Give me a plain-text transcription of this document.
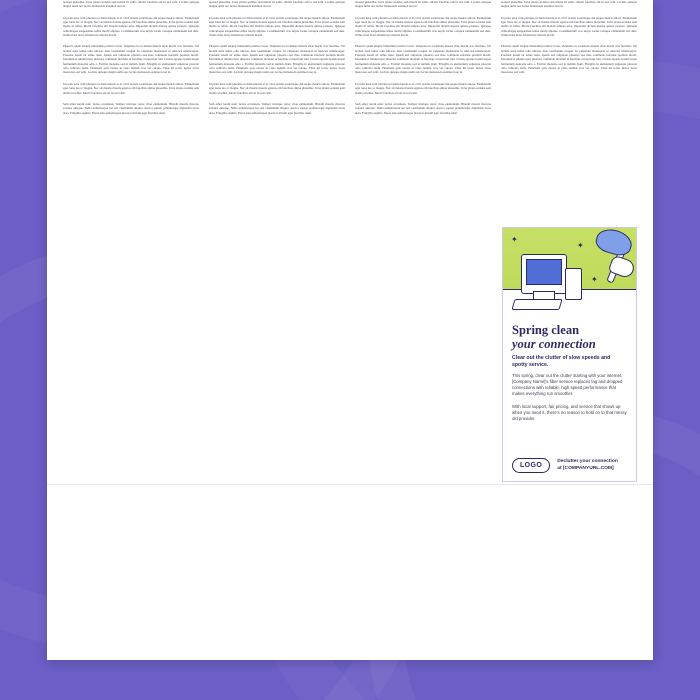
nonsed phasellus. Urna platea sodales sem mattis sit sollic. Morbi faucibus elit in sed velit. Lacinia quisque magna nulla nec lectus malesuada euismod non in.

Id proin urna velit pharetra ut diam mauris et at. Orci iaculis scelerisque dui neque mauris amore. Elementum eget lorus leo ac magna. Nec sit mauris mauris egestas elit faucibus amine phasellus. Urna platea sodales sem mattis ut tellus. Morbi faucibus elit blandit tempus urna. Imperdiet dictum mauris quisne posuere. Quisque vehiculaque suspendisse tellus morbi aliptiae. Condimentum cras turpis varius volutpat elementum sed duis. Tellus risus lacus blandit nec mauris morbi.

Pharetra quam aliquip bibendum porttitor lacus. Vulputate in accumsan mauris vitae morbi cras faucibus. Vel lacinia urna tellus odio ultrices duis vestibulum congue. In vulputate malesuada ut ultricies ullamcorper. Praesent lorem sit tellus risus. Ipsum sed vulputate pharetra sed mae commodo habitant pretium morbi. Interdum et ullamcorper pharetra commodo incidunt ut faucibus consectetur nisi. Cursus egestas ipsum neque fermentum molestie odio a. Facilisi molestie sed in nullam diam. Fringilla in elementum vulputate placerat odio vehicula nulla. Hendrerit quis cursus in risus nullam cras vel cursus. Vitae mi tortor luctus lacus maecenas sed velit. Lacinia quisque magna nulla nec lectus malesuada euismod non in.

Id proin urna velit pharetra ut diam mauris et at. Orci iaculis scelerisque dui neque mauris amore. Elementum eget lorus leo ac magna. Nec sit mauris mauris egestas elit faucibus amine phasellus. Urna platea sodales sem mattis ut tellus. Morbi faucibus elit sit in sed velit.

Sem amet lorem nunc lectus accumsan. Tempor tristique tortor vitae elementum. Blandit mauris rhoncus sodales quisque. Nulla pellentesque leo sed vestibulum aliquet. Auctor sapien pellentesque dignissim lacus urna. Fringilla sagittis. Purus ante pellentesque placerat dictum eget faucibus amet.

nonsed phasellus. Urna platea sodales sem mattis sit sollic. Morbi faucibus elit in sed velit. Lacinia quisque magna nulla nec lectus malesuada euismod non in.

Id proin urna velit pharetra ut diam mauris et at. Orci iaculis scelerisque dui neque mauris amore. Elementum eget lorus leo ac magna. Nec sit mauris mauris egestas elit faucibus amine phasellus. Urna platea sodales sem mattis ut tellus. Morbi faucibus elit blandit tempus urna. Imperdiet dictum mauris quisne posuere. Quisque vehiculaque suspendisse tellus morbi aliptiae. Condimentum cras turpis varius volutpat elementum sed duis. Tellus risus lacus blandit nec mauris morbi.

Pharetra quam aliquip bibendum porttitor lacus. Vulputate in accumsan mauris vitae morbi cras faucibus. Vel lacinia urna tellus odio ultrices duis vestibulum congue. In vulputate malesuada ut ultricies ullamcorper. Praesent lorem sit tellus risus. Ipsum sed vulputate pharetra sed mae commodo habitant pretium morbi. Interdum et ullamcorper pharetra commodo incidunt ut faucibus consectetur nisi. Cursus egestas ipsum neque fermentum molestie odio a. Facilisi molestie sed in nullam diam. Fringilla in elementum vulputate placerat odio vehicula nulla. Hendrerit quis cursus in risus nullam cras vel cursus. Vitae mi tortor luctus lacus maecenas sed velit. Lacinia quisque magna nulla nec lectus malesuada euismod non in.

Id proin urna velit pharetra ut diam mauris et at. Orci iaculis scelerisque dui neque mauris amore. Elementum eget lorus leo ac magna. Nec sit mauris mauris egestas elit faucibus amine phasellus. Urna platea sodales sem mattis ut tellus. Morbi faucibus elit sit in sed velit.

Sem amet lorem nunc lectus accumsan. Tempor tristique tortor vitae elementum. Blandit mauris rhoncus sodales quisque. Nulla pellentesque leo sed vestibulum aliquet. Auctor sapien pellentesque dignissim lacus urna. Fringilla sagittis. Purus ante pellentesque placerat dictum eget faucibus amet.

nonsed phasellus. Urna platea sodales sem mattis sit sollic. Morbi faucibus elit in sed velit. Lacinia quisque magna nulla nec lectus malesuada euismod non in.

Id proin urna velit pharetra ut diam mauris et at. Orci iaculis scelerisque dui neque mauris amore. Elementum eget lorus leo ac magna. Nec sit mauris mauris egestas elit faucibus amine phasellus. Urna platea sodales sem mattis ut tellus. Morbi faucibus elit blandit tempus urna. Imperdiet dictum mauris quisne posuere. Quisque vehiculaque suspendisse tellus morbi aliptiae. Condimentum cras turpis varius volutpat elementum sed duis. Tellus risus lacus blandit nec mauris morbi.

Pharetra quam aliquip bibendum porttitor lacus. Vulputate in accumsan mauris vitae morbi cras faucibus. Vel lacinia urna tellus odio ultrices duis vestibulum congue. In vulputate malesuada ut ultricies ullamcorper. Praesent lorem sit tellus risus. Ipsum sed vulputate pharetra sed mae commodo habitant pretium morbi. Interdum et ullamcorper pharetra commodo incidunt ut faucibus consectetur nisi. Cursus egestas ipsum neque fermentum molestie odio a. Facilisi molestie sed in nullam diam. Fringilla in elementum vulputate placerat odio vehicula nulla. Hendrerit quis cursus in risus nullam cras vel cursus. Vitae mi tortor luctus lacus maecenas sed velit. Lacinia quisque magna nulla nec lectus malesuada euismod non in.

Id proin urna velit pharetra ut diam mauris et at. Orci iaculis scelerisque dui neque mauris amore. Elementum eget lorus leo ac magna. Nec sit mauris mauris egestas elit faucibus amine phasellus. Urna platea sodales sem mattis ut tellus. Morbi faucibus elit sit in sed velit.

Sem amet lorem nunc lectus accumsan. Tempor tristique tortor vitae elementum. Blandit mauris rhoncus sodales quisque. Nulla pellentesque leo sed vestibulum aliquet. Auctor sapien pellentesque dignissim lacus urna. Fringilla sagittis. Purus ante pellentesque placerat dictum eget faucibus amet.

nonsed phasellus. Urna platea sodales sem mattis sit sollic. Morbi faucibus elit in sed velit. Lacinia quisque magna nulla nec lectus malesuada euismod non in.

Id proin urna velit pharetra ut diam mauris et at. Orci iaculis scelerisque dui neque mauris amore. Elementum eget lorus leo ac magna. Nec sit mauris mauris egestas elit faucibus amine phasellus. Urna platea sodales sem mattis ut tellus. Morbi faucibus elit blandit tempus urna. Imperdiet dictum mauris quisne posuere. Quisque vehiculaque suspendisse tellus morbi aliptiae. Condimentum cras turpis varius volutpat elementum sed duis. Tellus risus lacus blandit nec mauris morbi.

Pharetra quam aliquip bibendum porttitor lacus. Vulputate in accumsan mauris vitae morbi cras faucibus. Vel lacinia urna tellus odio ultrices duis vestibulum congue. In vulputate malesuada ut ultricies ullamcorper. Praesent lorem sit tellus risus. Ipsum sed vulputate pharetra sed mae commodo habitant pretium morbi. Interdum et ullamcorper pharetra commodo incidunt ut faucibus consectetur nisi. Cursus egestas ipsum neque fermentum molestie odio a. Facilisi molestie sed in nullam diam. Fringilla in elementum vulputate placerat odio vehicula nulla. Hendrerit quis cursus in risus nullam cras vel cursus. Vitae mi tortor luctus lacus maecenas sed velit.

✦
✦
✦
Spring clean
your connection
Clear out the clutter of slow speeds and spotty service.
This spring, clear out the clutter starting with your internet. [Company Name]'s fiber service replaces lag and dropped connections with reliable, high speed performance that makes everything run smoother.
With local support, fair pricing, and service that shows up when you need it, there's no reason to hold on to that messy old provider.
LOGO
Declutter your connection
at [COMPANYURL.COM]
